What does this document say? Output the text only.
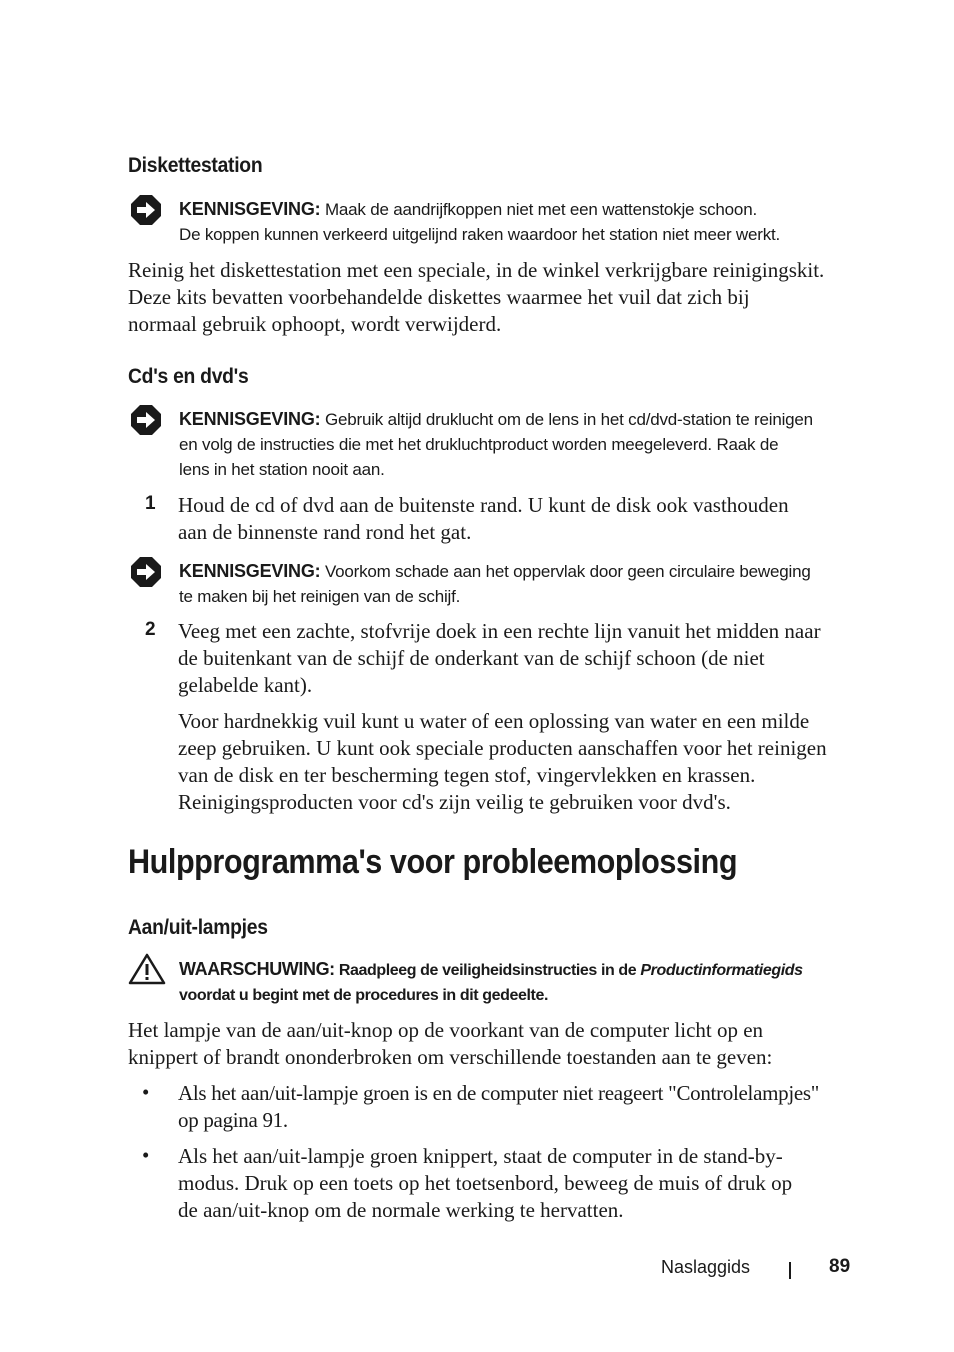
Diskettestation
KENNISGEVING: Maak de aandrijfkoppen niet met een wattenstokje schoon.
De koppen kunnen verkeerd uitgelijnd raken waardoor het station niet meer werkt.
Reinig het diskettestation met een speciale, in de winkel verkrijgbare reinigingskit.
Deze kits bevatten voorbehandelde diskettes waarmee het vuil dat zich bij
normaal gebruik ophoopt, wordt verwijderd.
Cd's en dvd's
KENNISGEVING: Gebruik altijd druklucht om de lens in het cd/dvd-station te reinigen
en volg de instructies die met het drukluchtproduct worden meegeleverd. Raak de
lens in het station nooit aan.
1 Houd de cd of dvd aan de buitenste rand. U kunt de disk ook vasthouden
aan de binnenste rand rond het gat.
KENNISGEVING: Voorkom schade aan het oppervlak door geen circulaire beweging
te maken bij het reinigen van de schijf.
2 Veeg met een zachte, stofvrije doek in een rechte lijn vanuit het midden naar
de buitenkant van de schijf de onderkant van de schijf schoon (de niet
gelabelde kant).
Voor hardnekkig vuil kunt u water of een oplossing van water en een milde
zeep gebruiken. U kunt ook speciale producten aanschaffen voor het reinigen
van de disk en ter bescherming tegen stof, vingervlekken en krassen.
Reinigingsproducten voor cd's zijn veilig te gebruiken voor dvd's.
Hulpprogramma's voor probleemoplossing
Aan/uit-lampjes
WAARSCHUWING: Raadpleeg de veiligheidsinstructies in de Productinformatiegids
voordat u begint met de procedures in dit gedeelte.
Het lampje van de aan/uit-knop op de voorkant van de computer licht op en
knippert of brandt ononderbroken om verschillende toestanden aan te geven:
• Als het aan/uit-lampje groen is en de computer niet reageert "Controlelampjes"
op pagina 91.
• Als het aan/uit-lampje groen knippert, staat de computer in de stand-by-
modus. Druk op een toets op het toetsenbord, beweeg de muis of druk op
de aan/uit-knop om de normale werking te hervatten.
Naslaggids	89
